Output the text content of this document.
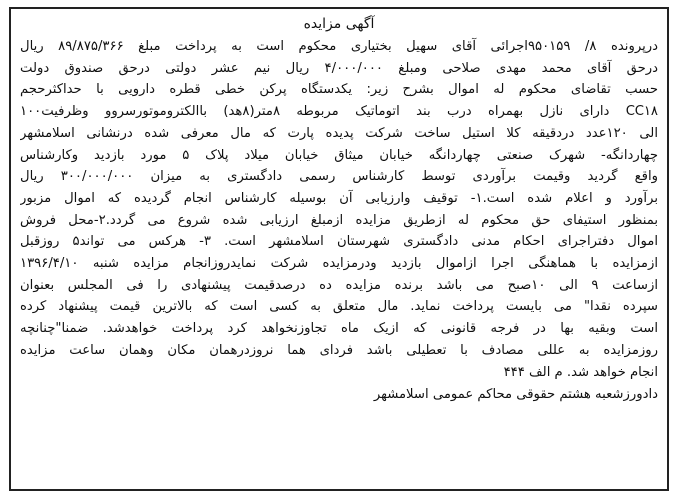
آگهی مزایده
درپرونده ۸/ ۹۵۰۱۵۹اجرائی آقای سهیل بختیاری محکوم است به پرداخت مبلغ ۸۹/۸۷۵/۳۶۶ ریال
درحق آقای محمد مهدی صلاحی ومبلغ ۴/۰۰۰/۰۰۰ ریال نیم عشر دولتی درحق صندوق دولت
حسب تقاضای محکوم له اموال بشرح زیر: یکدستگاه پرکن خطی قطره دارویی با حداکثرحجم
CC۱۸ دارای نازل بهمراه درب بند اتوماتیک مربوطه ۸متر(۸هد) باالکتروموتورسروو وظرفیت۱۰۰
الی ۱۲۰عدد دردقیقه کلا استیل ساخت شرکت پدیده پارت که مال معرفی شده درنشانی اسلامشهر
چهاردانگه- شهرک صنعتی چهاردانگه خیابان میثاق خیابان میلاد پلاک ۵ مورد بازدید وکارشناس
واقع گردید وقیمت برآوردی توسط کارشناس رسمی دادگستری به میزان ۳۰۰/۰۰۰/۰۰۰ ریال
برآورد و اعلام شده است.۱- توقیف وارزیابی آن بوسیله کارشناس انجام گردیده که اموال مزبور
بمنظور استیفای حق محکوم له ازطریق مزایده ازمبلغ ارزیابی شده شروع می گردد.۲-محل فروش
اموال دفتراجرای احکام مدنی دادگستری شهرستان اسلامشهر است. ۳- هرکس می تواند۵ روزقبل
ازمزایده با هماهنگی اجرا ازاموال بازدید ودرمزایده شرکت نمایدروزانجام مزایده شنبه ۱۳۹۶/۴/۱۰
ازساعت ۹ الی ۱۰صبح می باشد برنده مزایده ده درصدقیمت پیشنهادی را فی المجلس بعنوان
سپرده نقدا" می بایست پرداخت نماید. مال متعلق به کسی است که بالاترین قیمت پیشنهاد کرده
است وبقیه بها در فرجه قانونی که ازیک ماه تجاوزنخواهد کرد پرداخت خواهدشد. ضمنا"چنانچه
روزمزایده به عللی مصادف با تعطیلی باشد فردای هما نروزدرهمان مکان وهمان ساعت مزایده
انجام خواهد شد. م الف ۴۴۴
دادورزشعبه هشتم حقوقی محاکم عمومی اسلامشهر
